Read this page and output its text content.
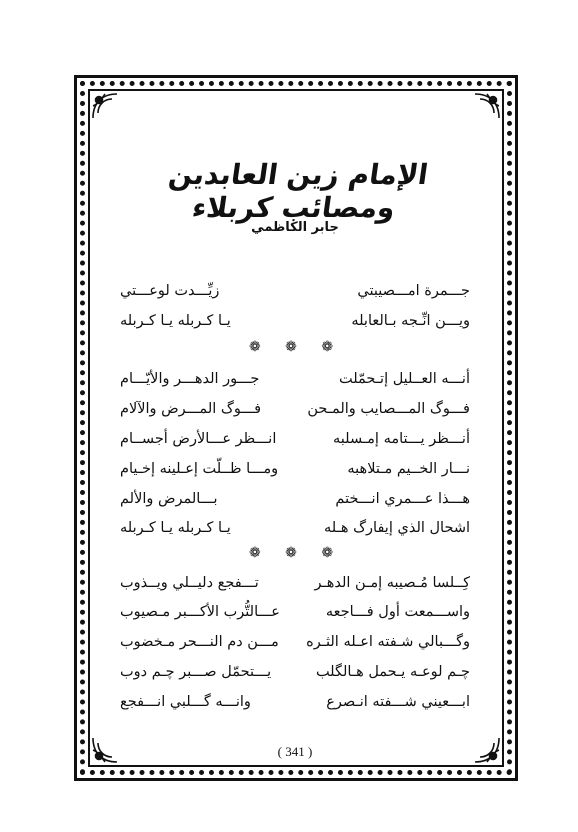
الإمام زين العابدين ومصائب كربلاء
جابر الكاظمي
جـــمرة امـــصيبتي
زيِّـــدت لوعـــتي
ويـــن انِّـجه بـالعابله
يـا كـربله يـا كـربله
❁ ❁ ❁
أنـــه العــليل إتـحمّلت
جـــور الدهـــر والأيّـــام
فـــوگ المـــصايب والمـحن
فـــوگ المـــرض والآلام
أنـــظر يـــتامه إمـسلبه
انـــظر عـــالأرض أجســام
نـــار الخــيم مـتلاهبه
ومـــا ظــلّت إعـلينه إخـيام
هـــذا عـــمري انـــختم
بـــالمرض والألم
اشحال الذي إيفارگ هـله
يـا كـربله يـا كـربله
❁ ❁ ❁
كِــلسا مُـصيبه إمـن الدهـر
تـــفجع دليــلي ويــذوب
واســـمعت أول فـــاجعه
عـــالتُّرب الأكـــبر مـصيوب
وگـــبالي شـفته اعـله الثـره
مـــن دم النـــحر مـخضوب
چـم لوعـه يـحمل هـالگلب
يـــتحمّل صـــبر چـم دوب
ابـــعيني شـــفته انـصرع
وانـــه گـــلبي انـــفجع
( 341 )
